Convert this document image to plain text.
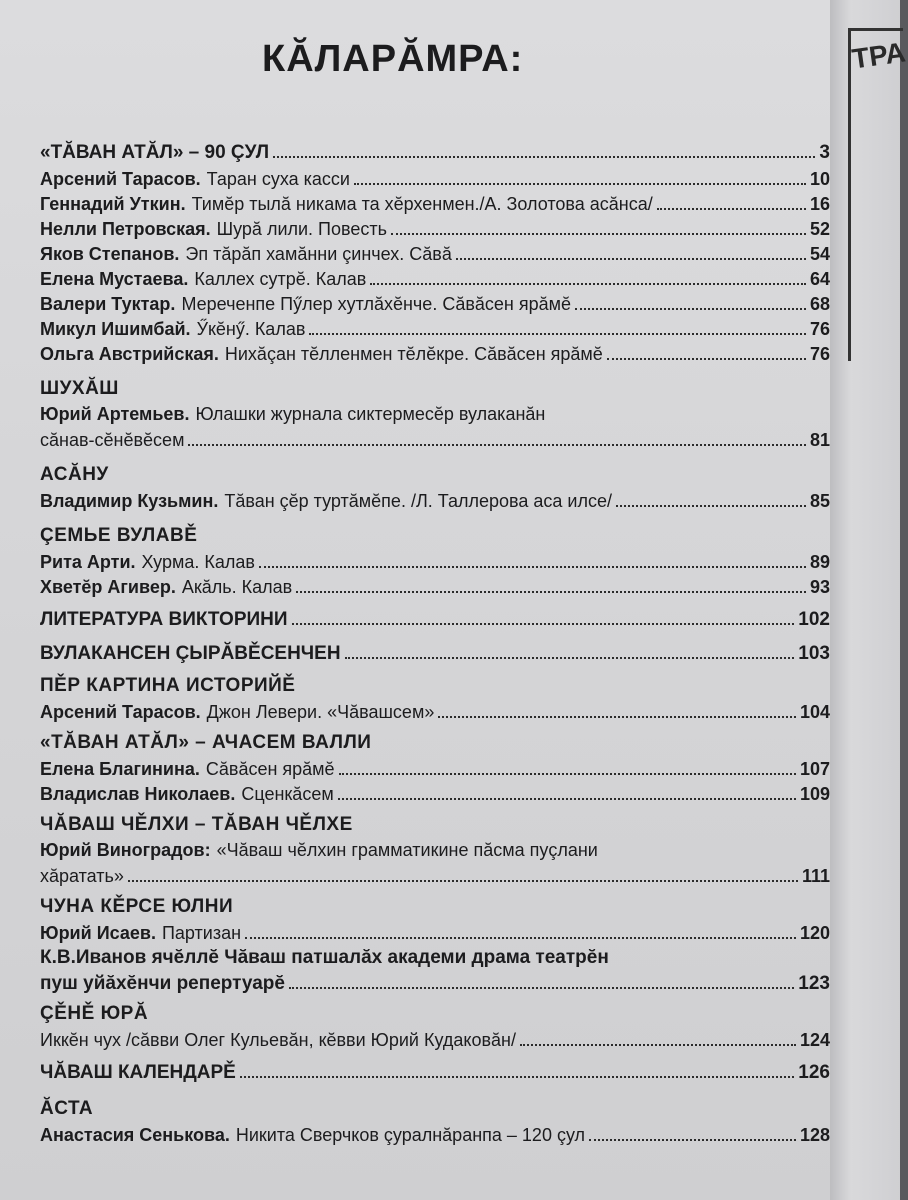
КĂЛАРĂМРА:
«ТĂВАН АТĂЛ» – 90 ÇУЛ	3
Арсений Тарасов. Таран суха касси	10
Геннадий Уткин. Тимĕр тылă никама та хĕрхенмен./А. Золотова асăнса/	16
Нелли Петровская. Шурă лили. Повесть	52
Яков Степанов. Эп тăрăп хамăнни çинчех. Сăвă	54
Елена Мустаева. Каллех сутрĕ. Калав	64
Валери Туктар. Мереченпе Пӳлер хутлăхĕнче. Сăвăсен ярăмĕ	68
Микул Ишимбай. Ӳкĕнӳ. Калав	76
Ольга Австрийская. Нихăçан тĕлленмен тĕлĕкре. Сăвăсен ярăмĕ	76
ШУХĂШ
Юрий Артемьев. Юлашки журнала сиктермесĕр вулаканăн
сăнав-сĕнĕвĕсем	81
АСĂНУ
Владимир Кузьмин. Тăван çĕр туртăмĕпе. /Л. Таллерова аса илсе/	85
ÇЕМЬЕ ВУЛАВĚ
Рита Арти. Хурма. Калав	89
Хветĕр Агивер. Акăль. Калав	93
ЛИТЕРАТУРА ВИКТОРИНИ	102
ВУЛАКАНСЕН ÇЫРĂВĚСЕНЧЕН	103
ПĚР КАРТИНА ИСТОРИЙĚ
Арсений Тарасов. Джон Левери. «Чăвашсем»	104
«ТĂВАН АТĂЛ» – АЧАСЕМ ВАЛЛИ
Елена Благинина. Сăвăсен ярăмĕ	107
Владислав Николаев. Сценкăсем	109
ЧĂВАШ ЧĚЛХИ – ТĂВАН ЧĚЛХЕ
Юрий Виноградов: «Чăваш чĕлхин грамматикине пăсма пуçлани
хăратать»	111
ЧУНА КĚРСЕ ЮЛНИ
Юрий Исаев. Партизан	120
К.В.Иванов ячĕллĕ Чăваш патшалăх академи драма театрĕн
пуш уйăхĕнчи репертуарĕ	123
ÇĚНĚ ЮРĂ
Иккĕн чух /сăвви Олег Кульевăн, кĕвви Юрий Кудаковăн/	124
ЧĂВАШ КАЛЕНДАРĚ	126
ĂСТА
Анастасия Сенькова. Никита Сверчков çуралнăранпа – 120 çул	128
ТРА
